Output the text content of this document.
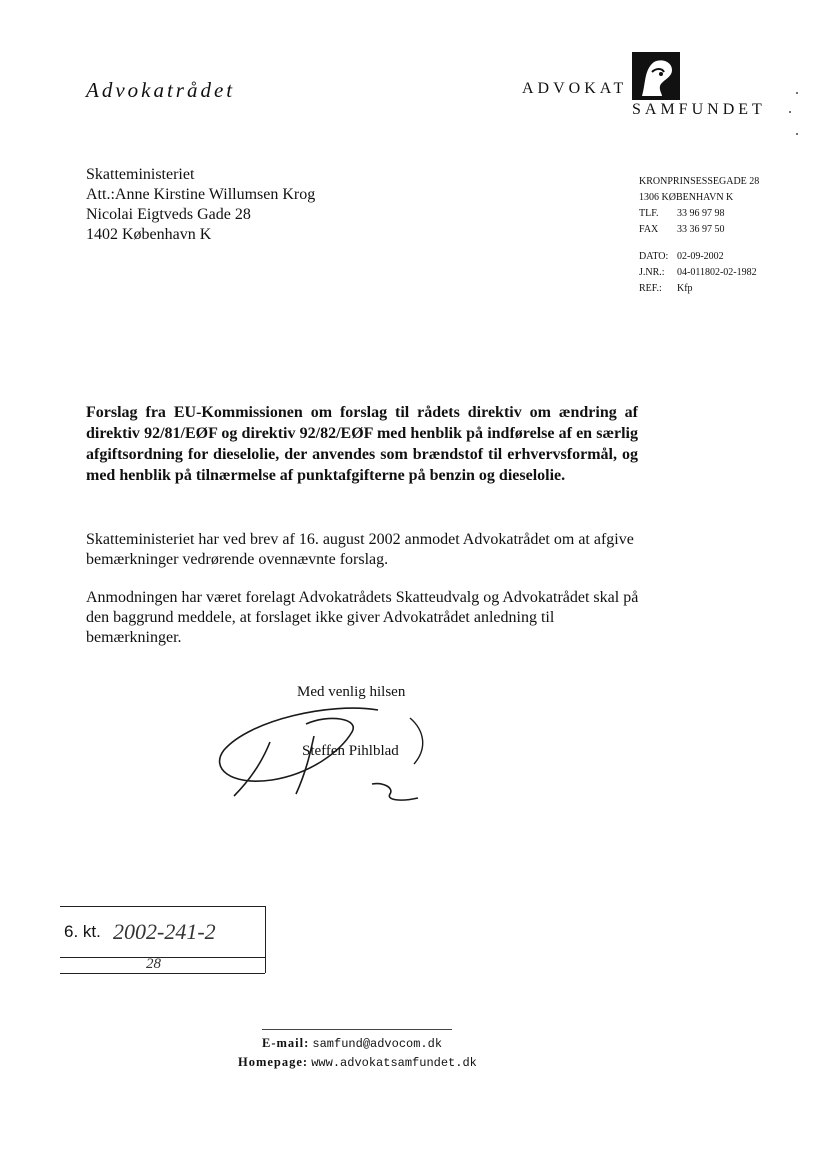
Advokatrådet	ADVOKAT
SAMFUNDET
Skatteministeriet
Att.:Anne Kirstine Willumsen Krog
Nicolai Eigtveds Gade 28
1402 København K
KRONPRINSESSEGADE 28
1306 KØBENHAVN K
TLF. 33 96 97 98
FAX 33 36 97 50
DATO: 02-09-2002
J.NR.: 04-011802-02-1982
REF.: Kfp
Forslag fra EU-Kommissionen om forslag til rådets direktiv om ændring af direktiv 92/81/EØF og direktiv 92/82/EØF med henblik på indførelse af en særlig afgiftsordning for dieselolie, der anvendes som brændstof til erhvervsformål, og med henblik på tilnærmelse af punktafgifterne på benzin og dieselolie.
Skatteministeriet har ved brev af 16. august 2002 anmodet Advokatrådet om at afgive bemærkninger vedrørende ovennævnte forslag.
Anmodningen har været forelagt Advokatrådets Skatteudvalg og Advokatrådet skal på den baggrund meddele, at forslaget ikke giver Advokatrådet anledning til bemærkninger.
Med venlig hilsen
Steffen Pihlblad
6. kt. 2002-241-2
28
E-mail: samfund@advocom.dk
Homepage: www.advokatsamfundet.dk
